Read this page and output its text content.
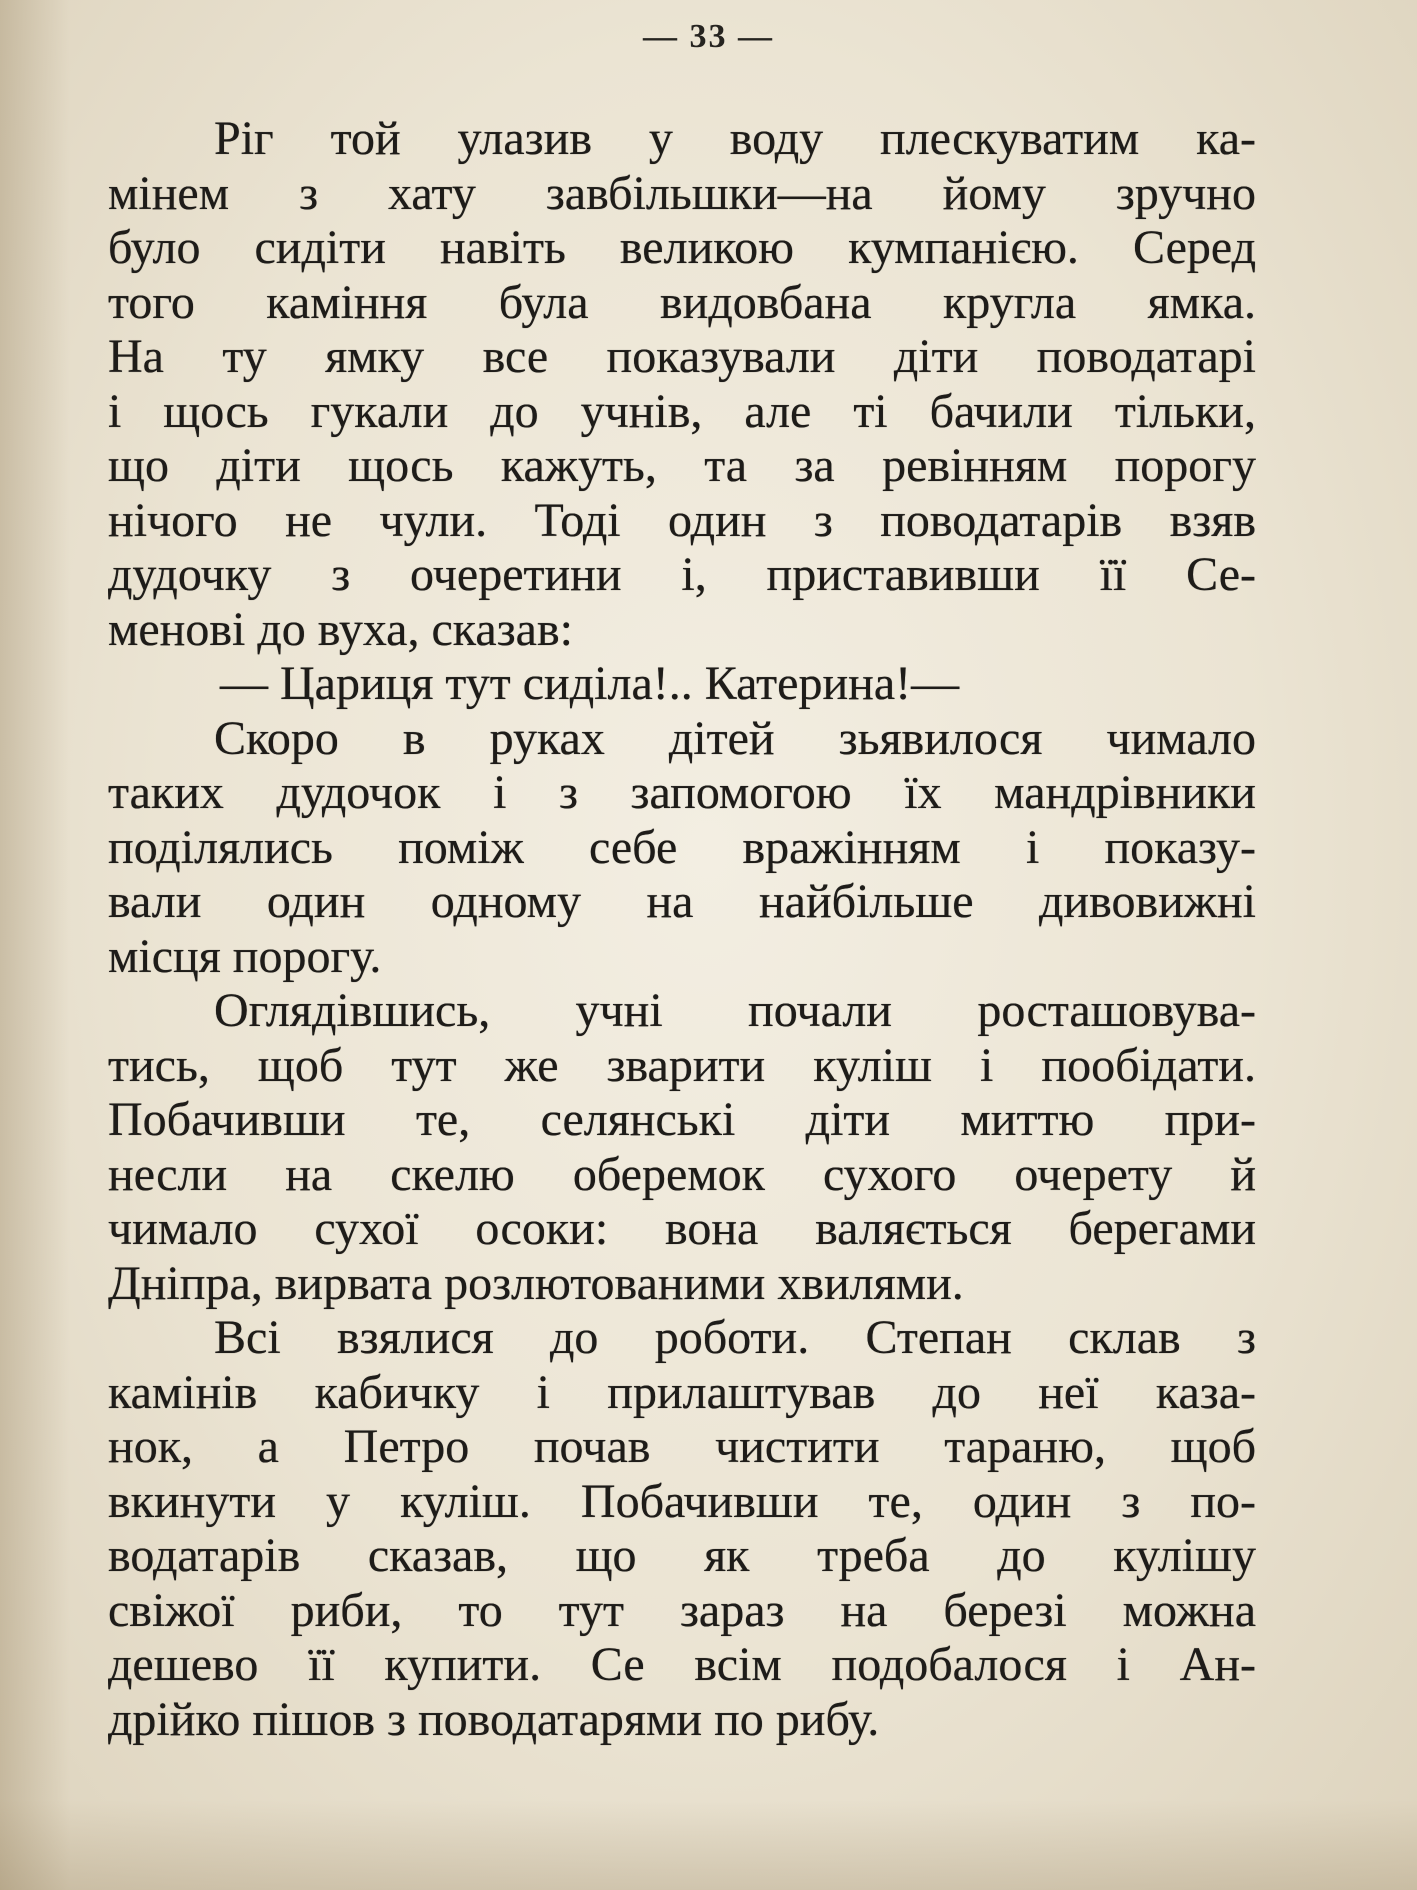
— 33 —
Ріг той улазив у воду плескуватим ка-
мінем з хату завбільшки—на йому зручно
було сидіти навіть великою кумпанією. Серед
того каміння була видовбана кругла ямка.
На ту ямку все показували діти поводатарі
і щось гукали до учнів, але ті бачили тільки,
що діти щось кажуть, та за ревінням порогу
нічого не чули. Тоді один з поводатарів взяв
дудочку з очеретини і, приставивши її Се-
менові до вуха, сказав:
— Цариця тут сиділа!.. Катерина!—
Скоро в руках дітей зьявилося чимало
таких дудочок і з запомогою їх мандрівники
поділялись поміж себе вражінням і показу-
вали один одному на найбільше дивовижні
місця порогу.
Оглядівшись, учні почали росташовува-
тись, щоб тут же зварити куліш і пообідати.
Побачивши те, селянські діти миттю при-
несли на скелю оберемок сухого очерету й
чимало сухої осоки: вона валяється берегами
Дніпра, вирвата розлютованими хвилями.
Всі взялися до роботи. Степан склав з
камінів кабичку і прилаштував до неї каза-
нок, а Петро почав чистити тараню, щоб
вкинути у куліш. Побачивши те, один з по-
водатарів сказав, що як треба до кулішу
свіжої риби, то тут зараз на березі можна
дешево її купити. Се всім подобалося і Ан-
дрійко пішов з поводатарями по рибу.
